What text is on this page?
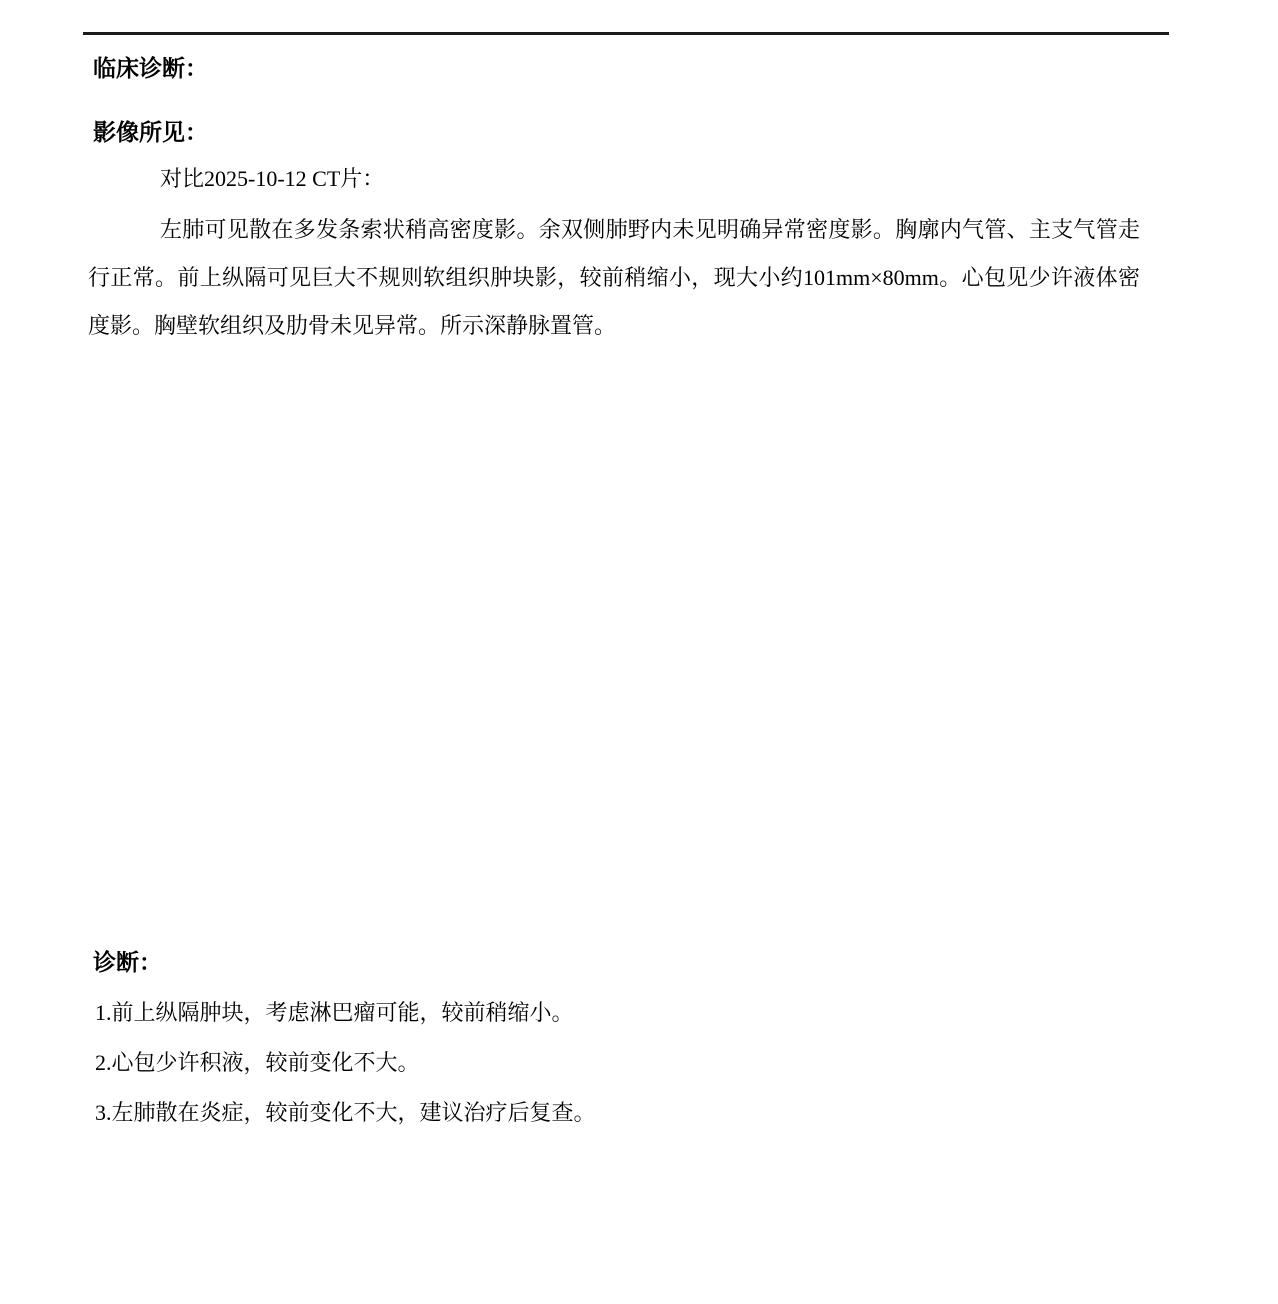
临床诊断：
影像所见：

对比2025-10-12 CT片：

左肺可见散在多发条索状稍高密度影。余双侧肺野内未见明确异常密度影。胸廓内气管、主支气管走行正常。前上纵隔可见巨大不规则软组织肿块影，较前稍缩小，现大小约101mm×80mm。心包见少许液体密度影。胸壁软组织及肋骨未见异常。所示深静脉置管。

诊断：

1.前上纵隔肿块，考虑淋巴瘤可能，较前稍缩小。

2.心包少许积液，较前变化不大。

3.左肺散在炎症，较前变化不大，建议治疗后复查。
